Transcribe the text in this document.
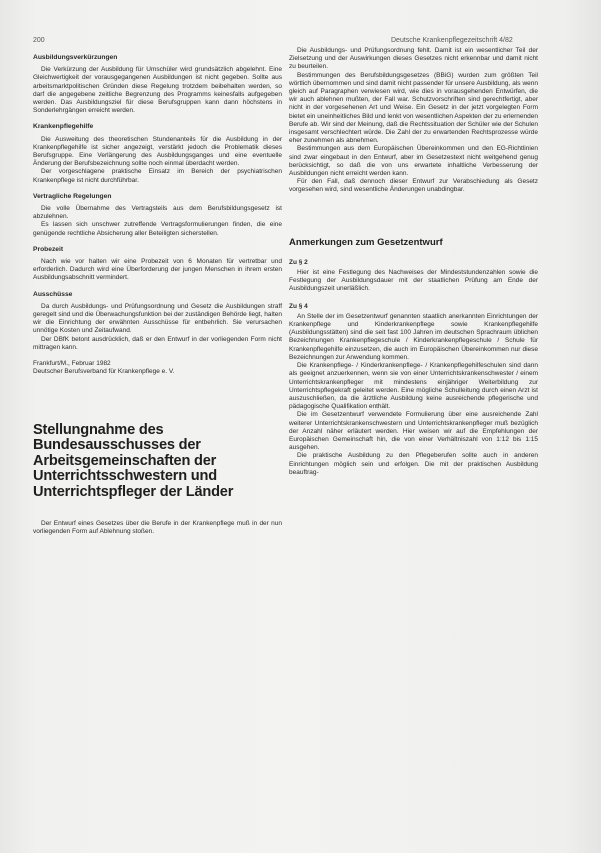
200	Deutsche Krankenpflegezeitschrift 4/82
Ausbildungsverkürzungen

Die Verkürzung der Ausbildung für Umschüler wird grundsätzlich abgelehnt. Eine Gleichwertigkeit der vorausgegangenen Ausbildungen ist nicht gegeben. Sollte aus arbeitsmarktpolitischen Gründen diese Regelung trotzdem beibehalten werden, so darf die angegebene zeitliche Begrenzung des Programms keinesfalls aufgegeben werden. Das Ausbildungsziel für diese Berufsgruppen kann dann höchstens in Sonderlehrgängen erreicht werden.

Krankenpflegehilfe

Die Ausweitung des theoretischen Stundenanteils für die Ausbildung in der Krankenpflegehilfe ist sicher angezeigt, verstärkt jedoch die Problematik dieses Berufsgruppe. Eine Verlängerung des Ausbildungsganges und eine eventuelle Änderung der Berufsbezeichnung sollte noch einmal überdacht werden.

Der vorgeschlagene praktische Einsatz im Bereich der psychiatrischen Krankenpflege ist nicht durchführbar.

Vertragliche Regelungen

Die volle Übernahme des Vertragsteils aus dem Berufsbildungsgesetz ist abzulehnen.

Es lassen sich unschwer zutreffende Vertragsformulierungen finden, die eine genügende rechtliche Absicherung aller Beteiligten sicherstellen.

Probezeit

Nach wie vor halten wir eine Probezeit von 6 Monaten für vertretbar und erforderlich. Dadurch wird eine Überforderung der jungen Menschen in ihrem ersten Ausbildungsabschnitt vermindert.

Ausschüsse

Da durch Ausbildungs- und Prüfungsordnung und Gesetz die Ausbildungen straff geregelt sind und die Überwachungsfunktion bei der zuständigen Behörde liegt, halten wir die Einrichtung der erwähnten Ausschüsse für entbehrlich. Sie verursachen unnötige Kosten und Zeitaufwand.

Der DBfK betont ausdrücklich, daß er den Entwurf in der vorliegenden Form nicht mittragen kann.

Frankfurt/M., Februar 1982

Deutscher Berufsverband für Krankenpflege e. V.

Stellungnahme des Bundesausschusses der Arbeitsgemeinschaften der Unterrichtsschwestern und Unterrichtspfleger der Länder

Der Entwurf eines Gesetzes über die Berufe in der Krankenpflege muß in der nun vorliegenden Form auf Ablehnung stoßen.

Die Ausbildungs- und Prüfungsordnung fehlt. Damit ist ein wesentlicher Teil der Zielsetzung und der Auswirkungen dieses Gesetzes nicht erkennbar und damit nicht zu beurteilen.

Bestimmungen des Berufsbildungsgesetzes (BBiG) wurden zum größten Teil wörtlich übernommen und sind damit nicht passender für unsere Ausbildung, als wenn gleich auf Paragraphen verwiesen wird, wie dies in vorausgehenden Entwürfen, die wir auch ablehnen mußten, der Fall war. Schutzvorschriften sind gerechtfertigt, aber nicht in der vorgesehenen Art und Weise. Ein Gesetz in der jetzt vorgelegten Form bietet ein uneinheitliches Bild und lenkt von wesentlichen Aspekten der zu erlernenden Berufe ab. Wir sind der Meinung, daß die Rechtssituation der Schüler wie der Schulen insgesamt verschlechtert würde. Die Zahl der zu erwartenden Rechtsprozesse würde eher zunehmen als abnehmen.

Bestimmungen aus dem Europäischen Übereinkommen und den EG-Richtlinien sind zwar eingebaut in den Entwurf, aber im Gesetzestext nicht weitgehend genug berücksichtigt, so daß die von uns erwartete inhaltliche Verbesserung der Ausbildungen nicht erreicht werden kann.

Für den Fall, daß dennoch dieser Entwurf zur Verabschiedung als Gesetz vorgesehen wird, sind wesentliche Änderungen unabdingbar.

Anmerkungen zum Gesetzentwurf
Zu § 2

Hier ist eine Festlegung des Nachweises der Mindeststundenzahlen sowie die Festlegung der Ausbildungsdauer mit der staatlichen Prüfung am Ende der Ausbildungszeit unerläßlich.

Zu § 4

An Stelle der im Gesetzentwurf genannten staatlich anerkannten Einrichtungen der Krankenpflege und Kinderkrankenpflege sowie Krankenpflegehilfe (Ausbildungsstätten) sind die seit fast 100 Jahren im deutschen Sprachraum üblichen Bezeichnungen Krankenpflegeschule / Kinderkrankenpflegeschule / Schule für Krankenpflegehilfe einzusetzen, die auch im Europäischen Übereinkommen nur diese Bezeichnungen zur Anwendung kommen.

Die Krankenpflege- / Kinderkrankenpflege- / Krankenpflegehilfeschulen sind dann als geeignet anzuerkennen, wenn sie von einer Unterrichtskrankenschwester / einem Unterrichtskrankenpfleger mit mindestens einjähriger Weiterbildung zur Unterrichtspflegekraft geleitet werden. Eine mögliche Schulleitung durch einen Arzt ist auszuschließen, da die ärztliche Ausbildung keine ausreichende pflegerische und pädagogische Qualifikation enthält.

Die im Gesetzentwurf verwendete Formulierung über eine ausreichende Zahl weiterer Unterrichtskrankenschwestern und Unterrichtskrankenpfleger muß bezüglich der Anzahl näher erläutert werden. Hier weisen wir auf die Empfehlungen der Europäischen Gemeinschaft hin, die von einer Verhältniszahl von 1:12 bis 1:15 ausgehen.

Die praktische Ausbildung zu den Pflegeberufen sollte auch in anderen Einrichtungen möglich sein und erfolgen. Die mit der praktischen Ausbildung beauftrag-
